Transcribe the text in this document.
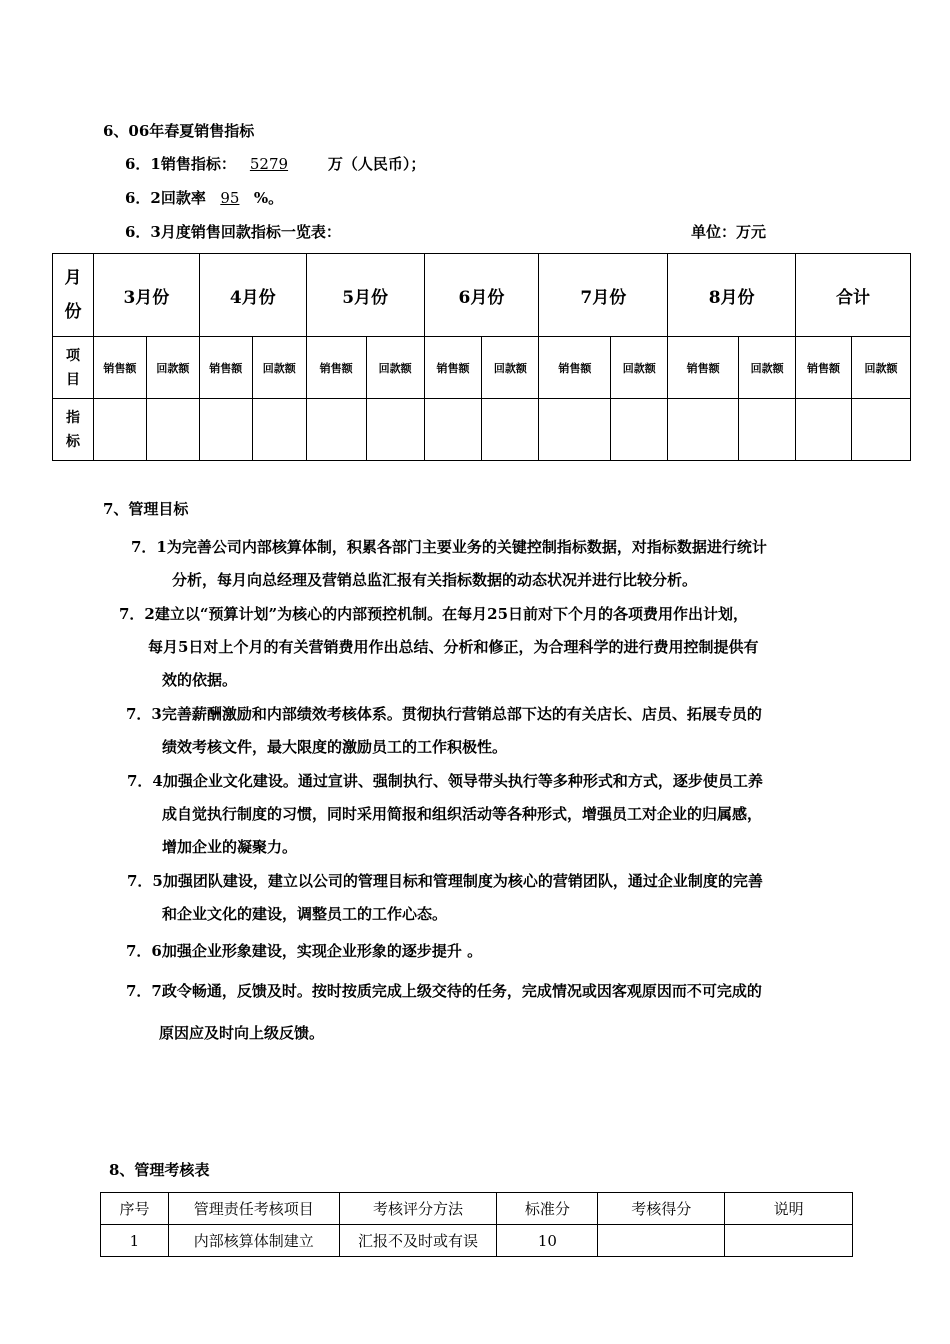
6、06年春夏销售指标
6．1销售指标： 5279	万（人民币）；
6．2回款率 95 %。
6．3月度销售回款指标一览表：	单位：万元
月
份	3月份		4月份		5月份		6月份		7月份		8月份		合计	
项
目	销售额	回款额	销售额	回款额	销售额	回款额	销售额	回款额	销售额	回款额	销售额	回款额	销售额	回款额
指
标														
7、管理目标
7．1为完善公司内部核算体制，积累各部门主要业务的关键控制指标数据，对指标数据进行统计
分析，每月向总经理及营销总监汇报有关指标数据的动态状况并进行比较分析。
7．2建立以“预算计划”为核心的内部预控机制。在每月25日前对下个月的各项费用作出计划，
每月5日对上个月的有关营销费用作出总结、分析和修正，为合理科学的进行费用控制提供有
效的依据。
7．3完善薪酬激励和内部绩效考核体系。贯彻执行营销总部下达的有关店长、店员、拓展专员的
绩效考核文件，最大限度的激励员工的工作积极性。
7．4加强企业文化建设。通过宣讲、强制执行、领导带头执行等多种形式和方式，逐步使员工养
成自觉执行制度的习惯，同时采用简报和组织活动等各种形式，增强员工对企业的归属感，
增加企业的凝聚力。
7．5加强团队建设，建立以公司的管理目标和管理制度为核心的营销团队，通过企业制度的完善
和企业文化的建设，调整员工的工作心态。
7．6加强企业形象建设，实现企业形象的逐步提升 。
7．7政令畅通，反馈及时。按时按质完成上级交待的任务，完成情况或因客观原因而不可完成的
原因应及时向上级反馈。
8、管理考核表
序号	管理责任考核项目	考核评分方法	标准分	考核得分	说明
1	内部核算体制建立	汇报不及时或有误	10		
